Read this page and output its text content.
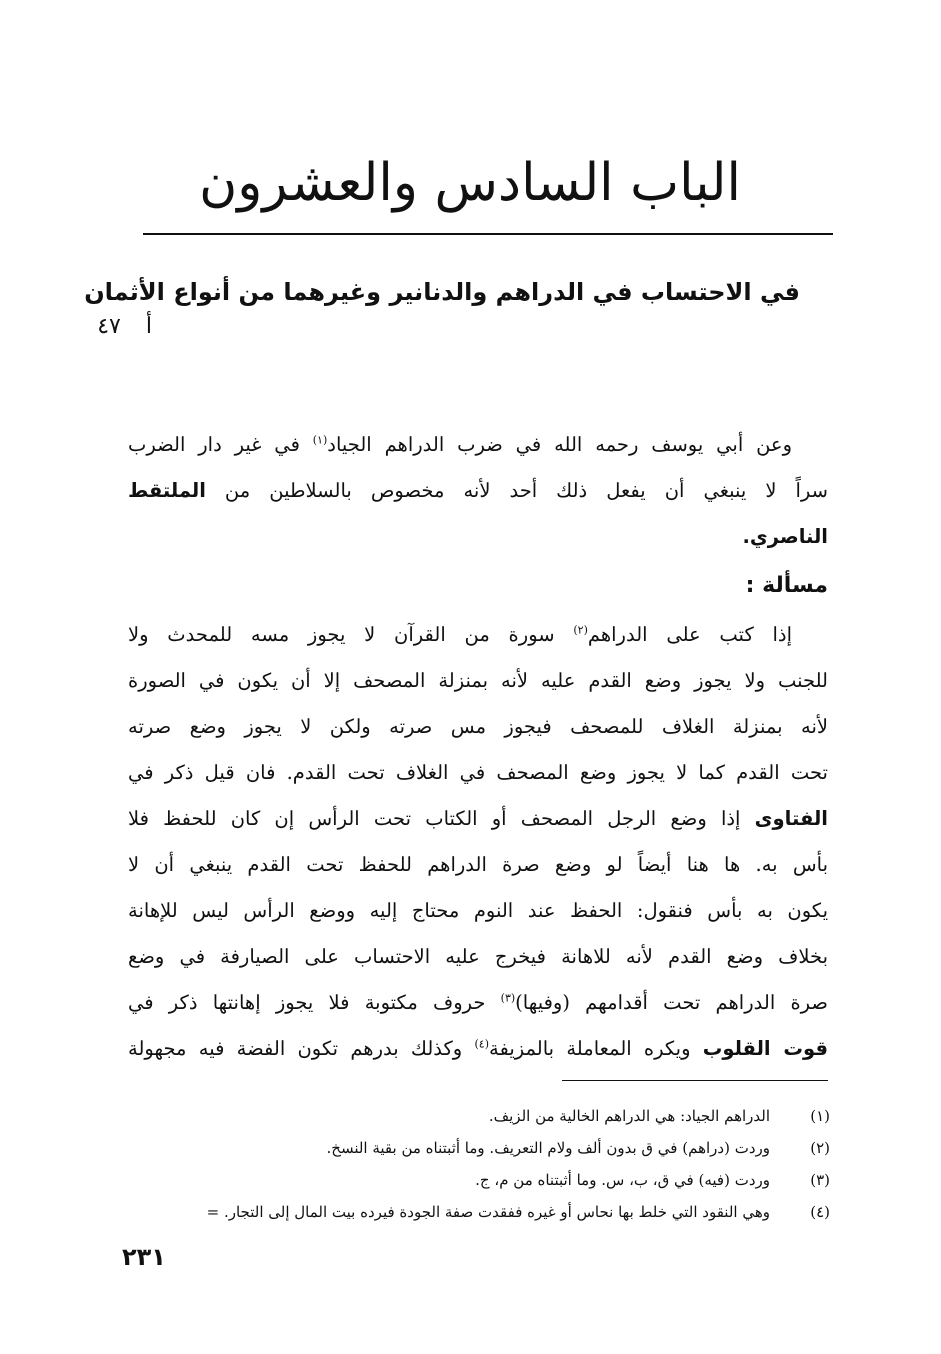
الباب السادس والعشرون
في الاحتساب في الدراهم والدنانير وغيرهما من أنواع الأثمان
أ ٤٧
وعن أبي يوسف رحمه الله في ضرب الدراهم الجياد$^{(١)}$ في غير دار الضرب
سراً لا ينبغي أن يفعل ذلك أحد لأنه مخصوص بالسلاطين من الملتقط
الناصري.
مسألة :
إذا كتب على الدراهم$^{(٢)}$ سورة من القرآن لا يجوز مسه للمحدث ولا
للجنب ولا يجوز وضع القدم عليه لأنه بمنزلة المصحف إلا أن يكون في الصورة
لأنه بمنزلة الغلاف للمصحف فيجوز مس صرته ولكن لا يجوز وضع صرته
تحت القدم كما لا يجوز وضع المصحف في الغلاف تحت القدم. فان قيل ذكر في
الفتاوى إذا وضع الرجل المصحف أو الكتاب تحت الرأس إن كان للحفظ فلا
بأس به. ها هنا أيضاً لو وضع صرة الدراهم للحفظ تحت القدم ينبغي أن لا
يكون به بأس فنقول: الحفظ عند النوم محتاج إليه ووضع الرأس ليس للإهانة
بخلاف وضع القدم لأنه للاهانة فيخرج عليه الاحتساب على الصيارفة في وضع
صرة الدراهم تحت أقدامهم (وفيها)$^{(٣)}$ حروف مكتوبة فلا يجوز إهانتها ذكر في
قوت القلوب ويكره المعاملة بالمزيفة$^{(٤)}$ وكذلك بدرهم تكون الفضة فيه مجهولة
(١)
الدراهم الجياد: هي الدراهم الخالية من الزيف.
(٢)
وردت (دراهم) في ق بدون ألف ولام التعريف. وما أثبتناه من بقية النسخ.
(٣)
وردت (فيه) في ق، ب، س. وما أثبتناه من م، ج.
(٤)
وهي النقود التي خلط بها نحاس أو غيره ففقدت صفة الجودة فيرده بيت المال إلى التجار. =
٢٣١
